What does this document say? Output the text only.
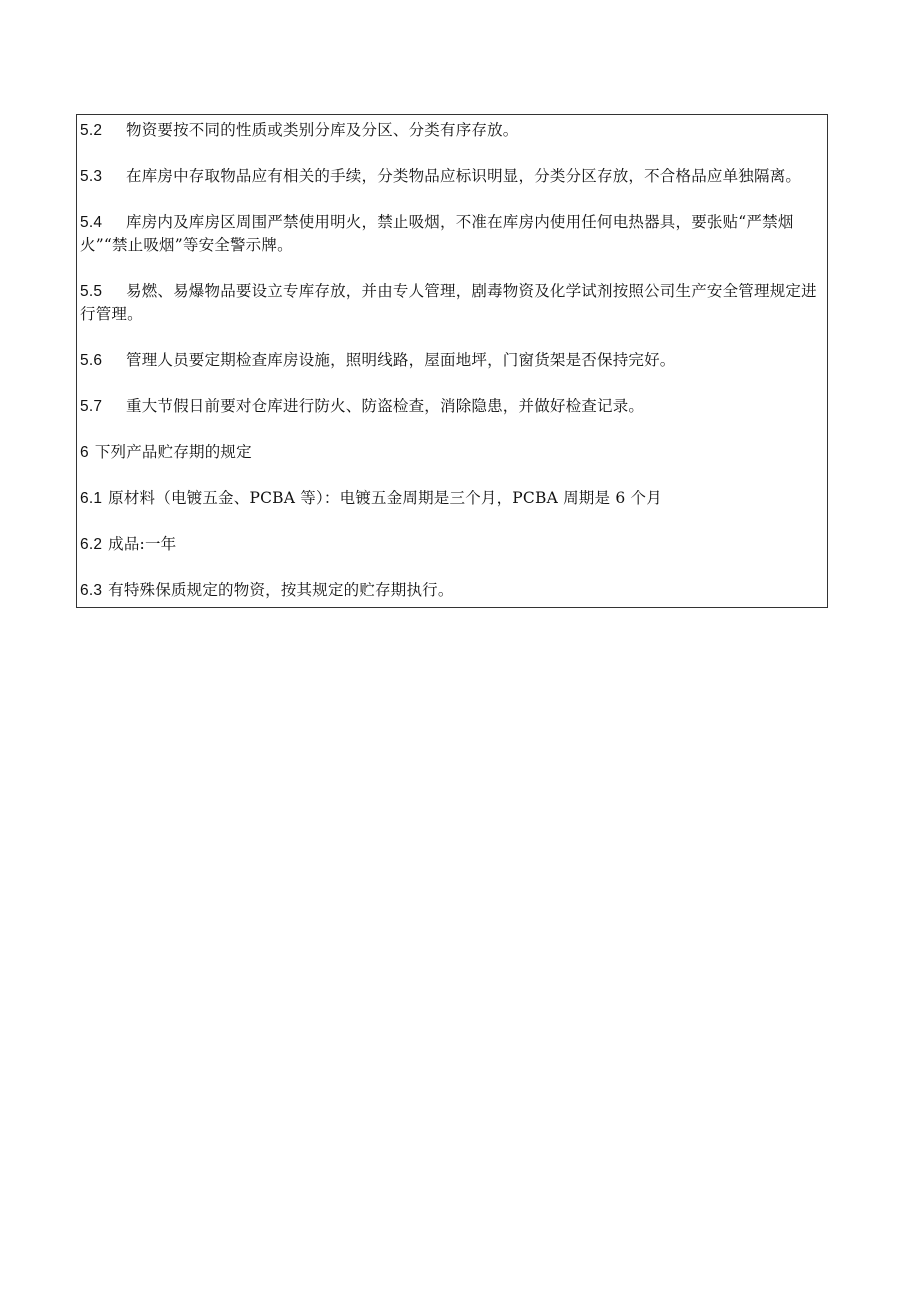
5.2 物资要按不同的性质或类别分库及分区、分类有序存放。

5.3 在库房中存取物品应有相关的手续，分类物品应标识明显，分类分区存放，不合格品应单独隔离。

5.4 库房内及库房区周围严禁使用明火，禁止吸烟，不准在库房内使用任何电热器具，要张贴“严禁烟火”“禁止吸烟”等安全警示牌。

5.5 易燃、易爆物品要设立专库存放，并由专人管理，剧毒物资及化学试剂按照公司生产安全管理规定进行管理。

5.6 管理人员要定期检查库房设施，照明线路，屋面地坪，门窗货架是否保持完好。

5.7 重大节假日前要对仓库进行防火、防盗检查，消除隐患，并做好检查记录。

6 下列产品贮存期的规定

6.1 原材料（电镀五金、PCBA 等）：电镀五金周期是三个月，PCBA 周期是 6 个月

6.2 成品:一年

6.3 有特殊保质规定的物资，按其规定的贮存期执行。
